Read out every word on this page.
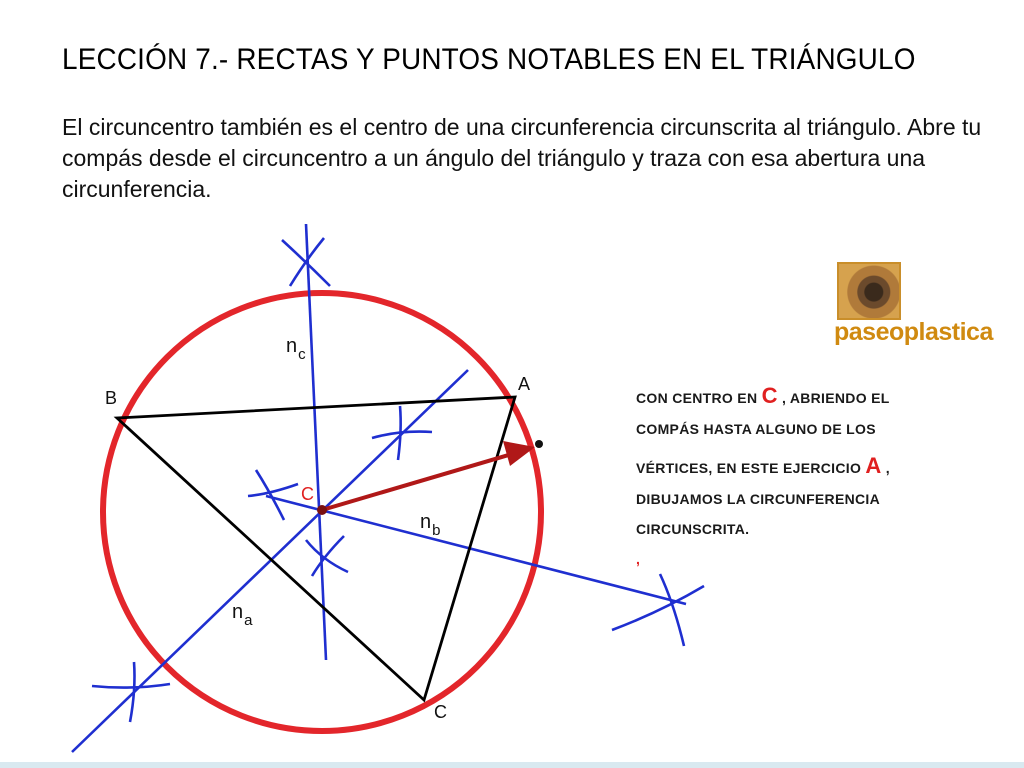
LECCIÓN 7.- RECTAS Y PUNTOS NOTABLES EN EL TRIÁNGULO
El circuncentro también es el centro de una circunferencia circunscrita al triángulo. Abre tu compás desde el circuncentro a un ángulo del triángulo y traza con esa abertura una circunferencia.
A
B
C
C
$n_c$
$n_b$
$n_a$
paseoplastica
CON CENTRO EN C , ABRIENDO EL
COMPÁS HASTA ALGUNO DE LOS
VÉRTICES, EN ESTE EJERCICIO A ,
DIBUJAMOS LA CIRCUNFERENCIA
CIRCUNSCRITA.
,
